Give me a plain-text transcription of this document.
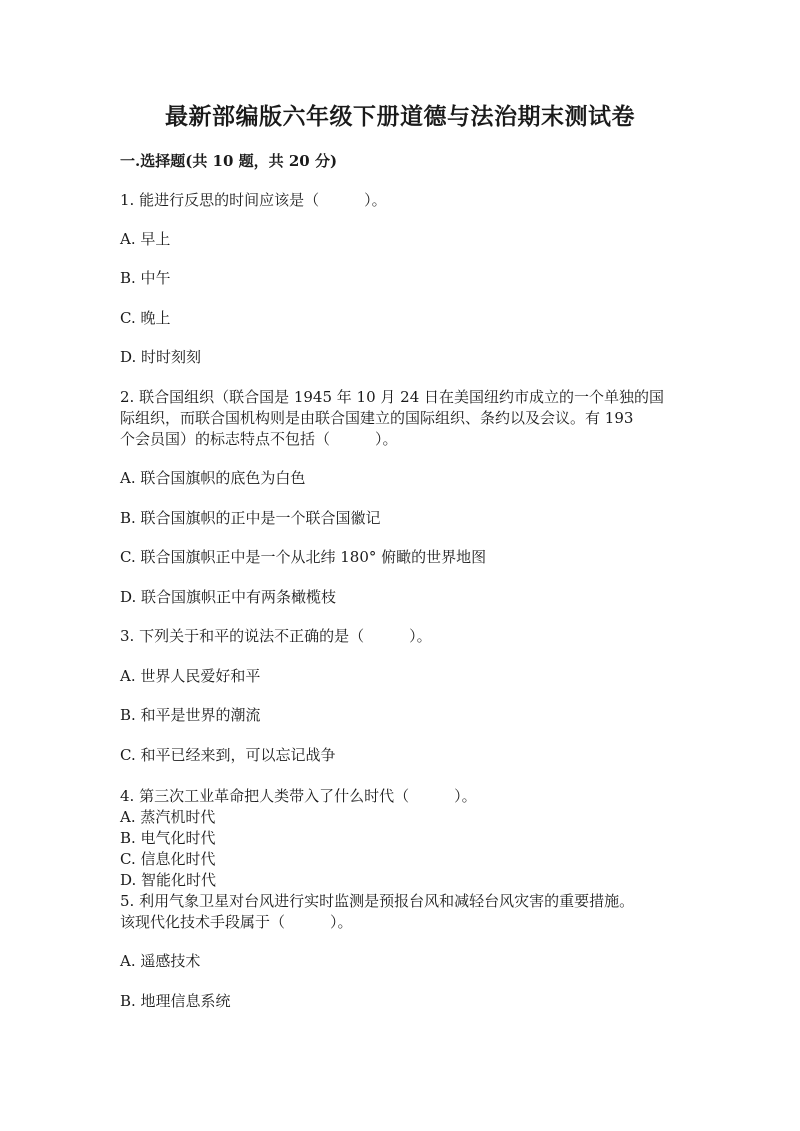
最新部编版六年级下册道德与法治期末测试卷
一.选择题(共 10 题，共 20 分)
1. 能进行反思的时间应该是（　　　）。
A. 早上
B. 中午
C. 晚上
D. 时时刻刻
2. 联合国组织（联合国是 1945 年 10 月 24 日在美国纽约市成立的一个单独的国
际组织，而联合国机构则是由联合国建立的国际组织、条约以及会议。有 193
个会员国）的标志特点不包括（　　　）。
A. 联合国旗帜的底色为白色
B. 联合国旗帜的正中是一个联合国徽记
C. 联合国旗帜正中是一个从北纬 180° 俯瞰的世界地图
D. 联合国旗帜正中有两条橄榄枝
3. 下列关于和平的说法不正确的是（　　　）。
A. 世界人民爱好和平
B. 和平是世界的潮流
C. 和平已经来到，可以忘记战争
4. 第三次工业革命把人类带入了什么时代（　　　）。
A. 蒸汽机时代
B. 电气化时代
C. 信息化时代
D. 智能化时代
5. 利用气象卫星对台风进行实时监测是预报台风和减轻台风灾害的重要措施。
该现代化技术手段属于（　　　）。
A. 遥感技术
B. 地理信息系统
